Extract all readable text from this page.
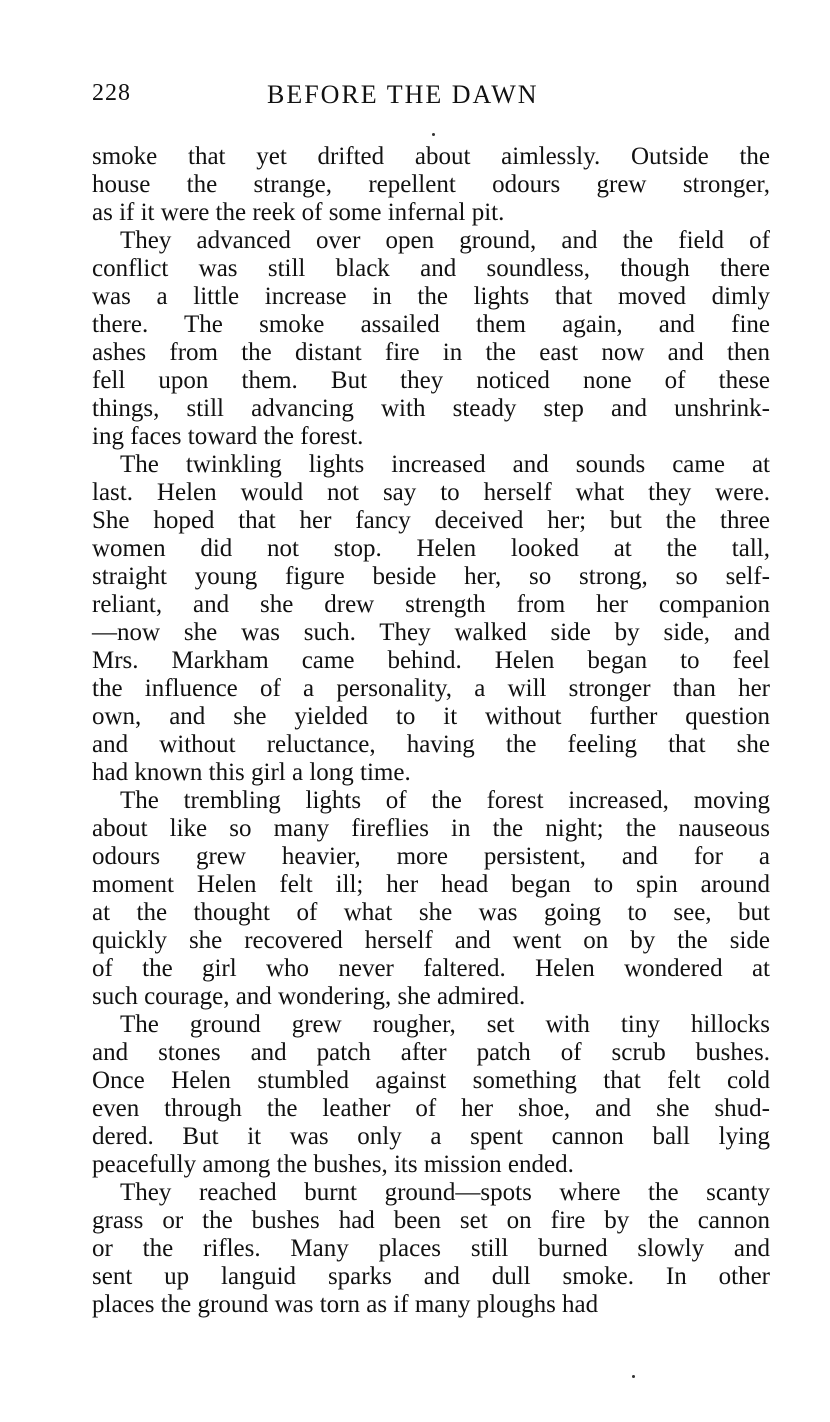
228	BEFORE THE DAWN
smoke that yet drifted about aimlessly. Outside the
house the strange, repellent odours grew stronger,
as if it were the reek of some infernal pit.
They advanced over open ground, and the field of
conflict was still black and soundless, though there
was a little increase in the lights that moved dimly
there. The smoke assailed them again, and fine
ashes from the distant fire in the east now and then
fell upon them. But they noticed none of these
things, still advancing with steady step and unshrink-
ing faces toward the forest.
The twinkling lights increased and sounds came at
last. Helen would not say to herself what they were.
She hoped that her fancy deceived her; but the three
women did not stop. Helen looked at the tall,
straight young figure beside her, so strong, so self-
reliant, and she drew strength from her companion
—now she was such. They walked side by side, and
Mrs. Markham came behind. Helen began to feel
the influence of a personality, a will stronger than her
own, and she yielded to it without further question
and without reluctance, having the feeling that she
had known this girl a long time.
The trembling lights of the forest increased, moving
about like so many fireflies in the night; the nauseous
odours grew heavier, more persistent, and for a
moment Helen felt ill; her head began to spin around
at the thought of what she was going to see, but
quickly she recovered herself and went on by the side
of the girl who never faltered. Helen wondered at
such courage, and wondering, she admired.
The ground grew rougher, set with tiny hillocks
and stones and patch after patch of scrub bushes.
Once Helen stumbled against something that felt cold
even through the leather of her shoe, and she shud-
dered. But it was only a spent cannon ball lying
peacefully among the bushes, its mission ended.
They reached burnt ground—spots where the scanty
grass or the bushes had been set on fire by the cannon
or the rifles. Many places still burned slowly and
sent up languid sparks and dull smoke. In other
places the ground was torn as if many ploughs had
